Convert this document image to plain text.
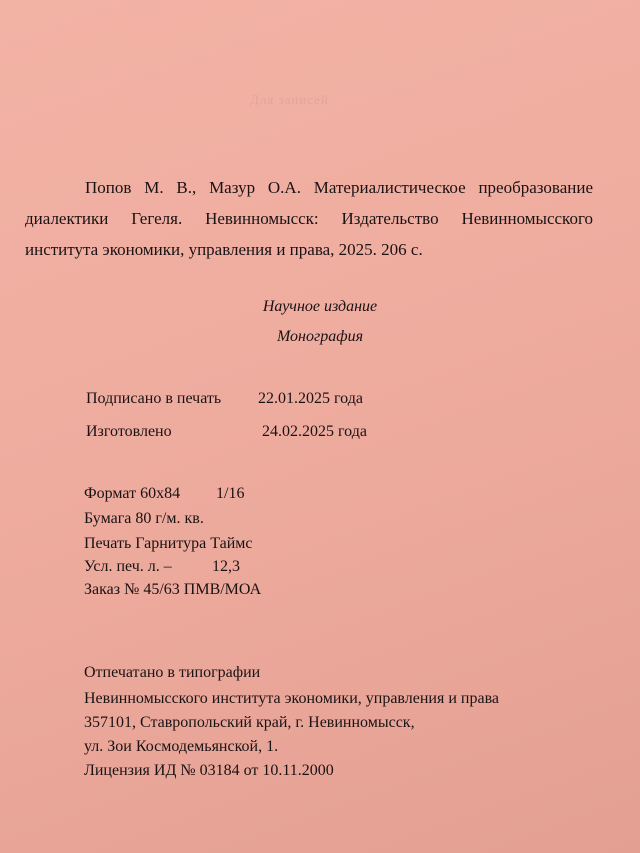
Для записей
Попов М. В., Мазур О.А. Материалистическое преобразование
диалектики Гегеля. Невинномысск: Издательство Невинномысского
института экономики, управления и права, 2025. 206 с.
Научное издание
Монография
Подписано в печать 22.01.2025 года
Изготовлено	24.02.2025 года
Формат 60х84 1/16
Бумага 80 г/м. кв.
Печать Гарнитура Таймс
Усл. печ. л. –	12,3
Заказ № 45/63 ПМВ/МОА
Отпечатано в типографии
Невинномысского института экономики, управления и права
357101, Ставропольский край, г. Невинномысск,
ул. Зои Космодемьянской, 1.
Лицензия ИД № 03184 от 10.11.2000
